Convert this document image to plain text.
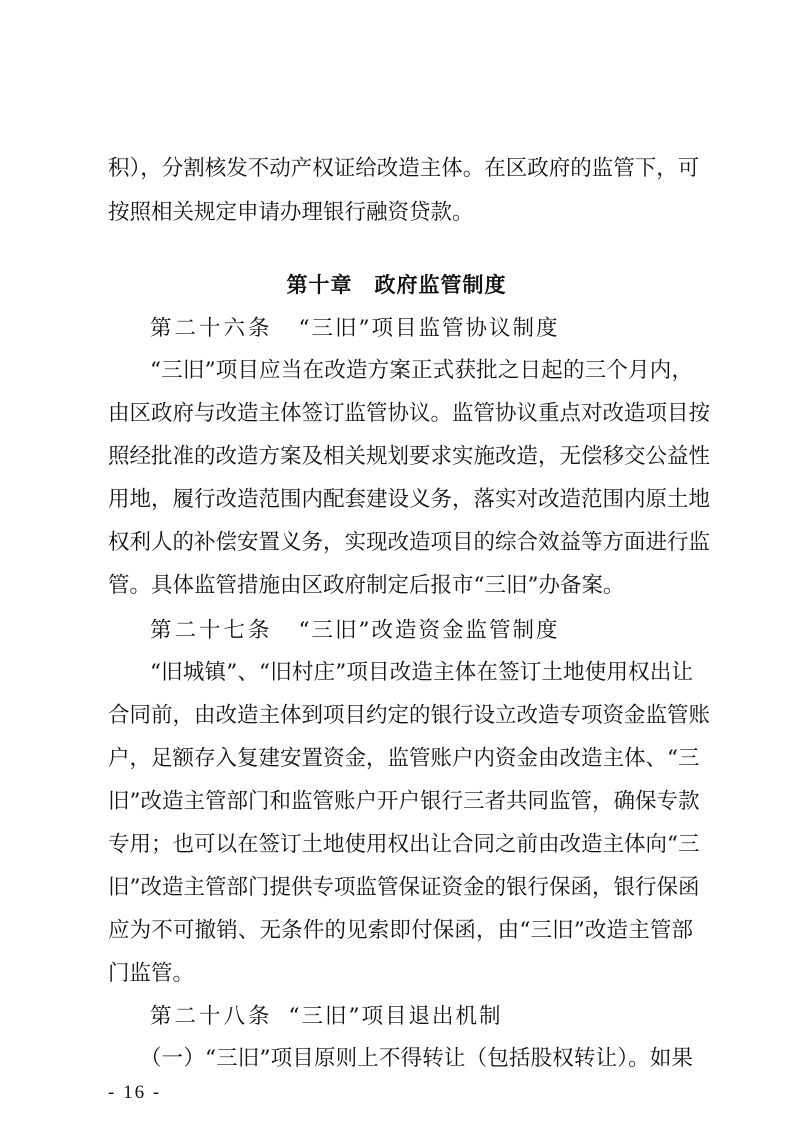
积），分割核发不动产权证给改造主体。在区政府的监管下，可
按照相关规定申请办理银行融资贷款。
第十章 政府监管制度
第二十六条 “三旧”项目监管协议制度
“三旧”项目应当在改造方案正式获批之日起的三个月内，
由区政府与改造主体签订监管协议。监管协议重点对改造项目按
照经批准的改造方案及相关规划要求实施改造，无偿移交公益性
用地，履行改造范围内配套建设义务，落实对改造范围内原土地
权利人的补偿安置义务，实现改造项目的综合效益等方面进行监
管。具体监管措施由区政府制定后报市“三旧”办备案。
第二十七条 “三旧”改造资金监管制度
“旧城镇”、“旧村庄”项目改造主体在签订土地使用权出让
合同前，由改造主体到项目约定的银行设立改造专项资金监管账
户，足额存入复建安置资金，监管账户内资金由改造主体、“三
旧”改造主管部门和监管账户开户银行三者共同监管，确保专款
专用；也可以在签订土地使用权出让合同之前由改造主体向“三
旧”改造主管部门提供专项监管保证资金的银行保函，银行保函
应为不可撤销、无条件的见索即付保函，由“三旧”改造主管部
门监管。
第二十八条 “三旧”项目退出机制
（一）“三旧”项目原则上不得转让（包括股权转让）。如果
- 16 -
